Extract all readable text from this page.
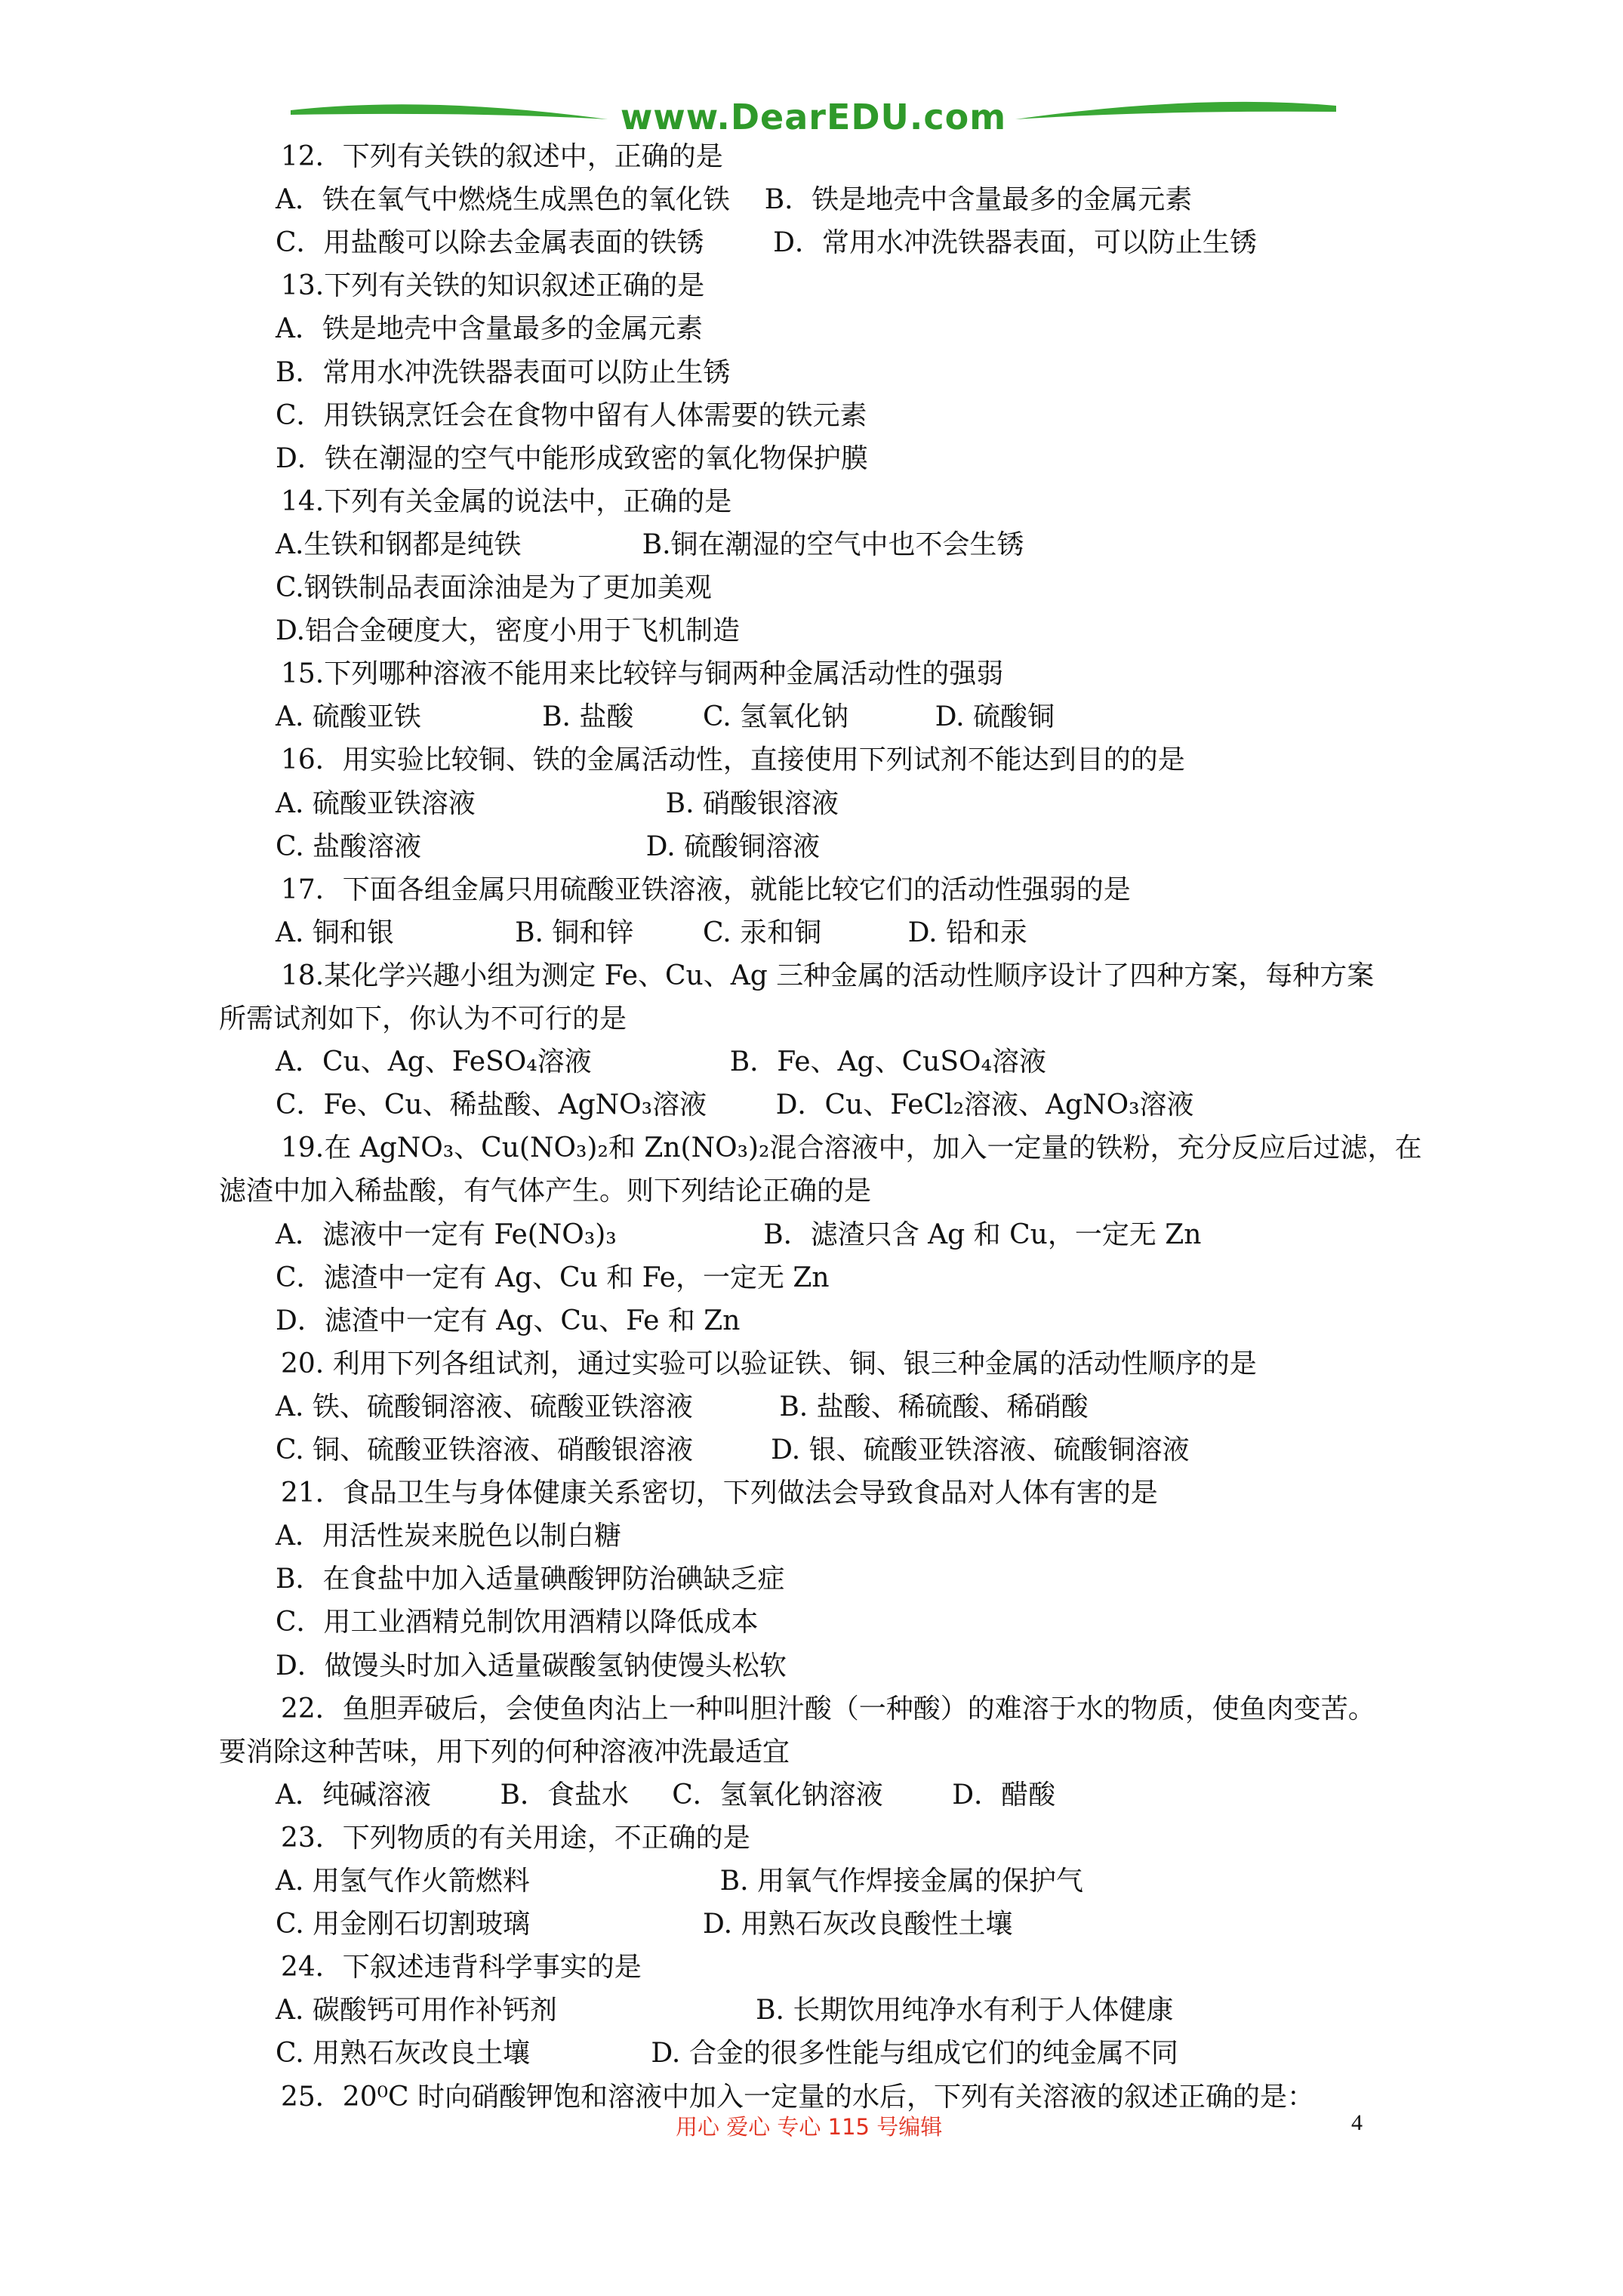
www.DearEDU.com
12．下列有关铁的叙述中，正确的是
A．铁在氧气中燃烧生成黑色的氧化铁    B．铁是地壳中含量最多的金属元素
C．用盐酸可以除去金属表面的铁锈        D．常用水冲洗铁器表面，可以防止生锈
13.下列有关铁的知识叙述正确的是
A．铁是地壳中含量最多的金属元素
B．常用水冲洗铁器表面可以防止生锈
C．用铁锅烹饪会在食物中留有人体需要的铁元素
D．铁在潮湿的空气中能形成致密的氧化物保护膜
14.下列有关金属的说法中，正确的是
A.生铁和钢都是纯铁              B.铜在潮湿的空气中也不会生锈
C.钢铁制品表面涂油是为了更加美观
D.铝合金硬度大，密度小用于飞机制造
15.下列哪种溶液不能用来比较锌与铜两种金属活动性的强弱
A. 硫酸亚铁              B. 盐酸        C. 氢氧化钠          D. 硫酸铜
16．用实验比较铜、铁的金属活动性，直接使用下列试剂不能达到目的的是
A. 硫酸亚铁溶液                      B. 硝酸银溶液
C. 盐酸溶液                          D. 硫酸铜溶液
17．下面各组金属只用硫酸亚铁溶液，就能比较它们的活动性强弱的是
A. 铜和银              B. 铜和锌        C. 汞和铜          D. 铅和汞
18.某化学兴趣小组为测定 Fe、Cu、Ag 三种金属的活动性顺序设计了四种方案，每种方案
所需试剂如下，你认为不可行的是
A．Cu、Ag、FeSO₄溶液                B．Fe、Ag、CuSO₄溶液
C．Fe、Cu、稀盐酸、AgNO₃溶液        D．Cu、FeCl₂溶液、AgNO₃溶液
19.在 AgNO₃、Cu(NO₃)₂和 Zn(NO₃)₂混合溶液中，加入一定量的铁粉，充分反应后过滤，在
滤渣中加入稀盐酸，有气体产生。则下列结论正确的是
A．滤液中一定有 Fe(NO₃)₃                 B．滤渣只含 Ag 和 Cu，一定无 Zn
C．滤渣中一定有 Ag、Cu 和 Fe，一定无 Zn
D．滤渣中一定有 Ag、Cu、Fe 和 Zn
20. 利用下列各组试剂，通过实验可以验证铁、铜、银三种金属的活动性顺序的是
A. 铁、硫酸铜溶液、硫酸亚铁溶液          B. 盐酸、稀硫酸、稀硝酸
C. 铜、硫酸亚铁溶液、硝酸银溶液         D. 银、硫酸亚铁溶液、硫酸铜溶液
21．食品卫生与身体健康关系密切，下列做法会导致食品对人体有害的是
A．用活性炭来脱色以制白糖
B．在食盐中加入适量碘酸钾防治碘缺乏症
C．用工业酒精兑制饮用酒精以降低成本
D．做馒头时加入适量碳酸氢钠使馒头松软
22．鱼胆弄破后，会使鱼肉沾上一种叫胆汁酸（一种酸）的难溶于水的物质，使鱼肉变苦。
要消除这种苦味，用下列的何种溶液冲洗最适宜
A．纯碱溶液        B．食盐水     C．氢氧化钠溶液        D．醋酸
23．下列物质的有关用途，不正确的是
A. 用氢气作火箭燃料                      B. 用氧气作焊接金属的保护气
C. 用金刚石切割玻璃                    D. 用熟石灰改良酸性土壤
24．下叙述违背科学事实的是
A. 碳酸钙可用作补钙剂                       B. 长期饮用纯净水有利于人体健康
C. 用熟石灰改良土壤              D. 合金的很多性能与组成它们的纯金属不同
25．20⁰C 时向硝酸钾饱和溶液中加入一定量的水后，下列有关溶液的叙述正确的是：
用心 爱心 专心 115 号编辑	4
